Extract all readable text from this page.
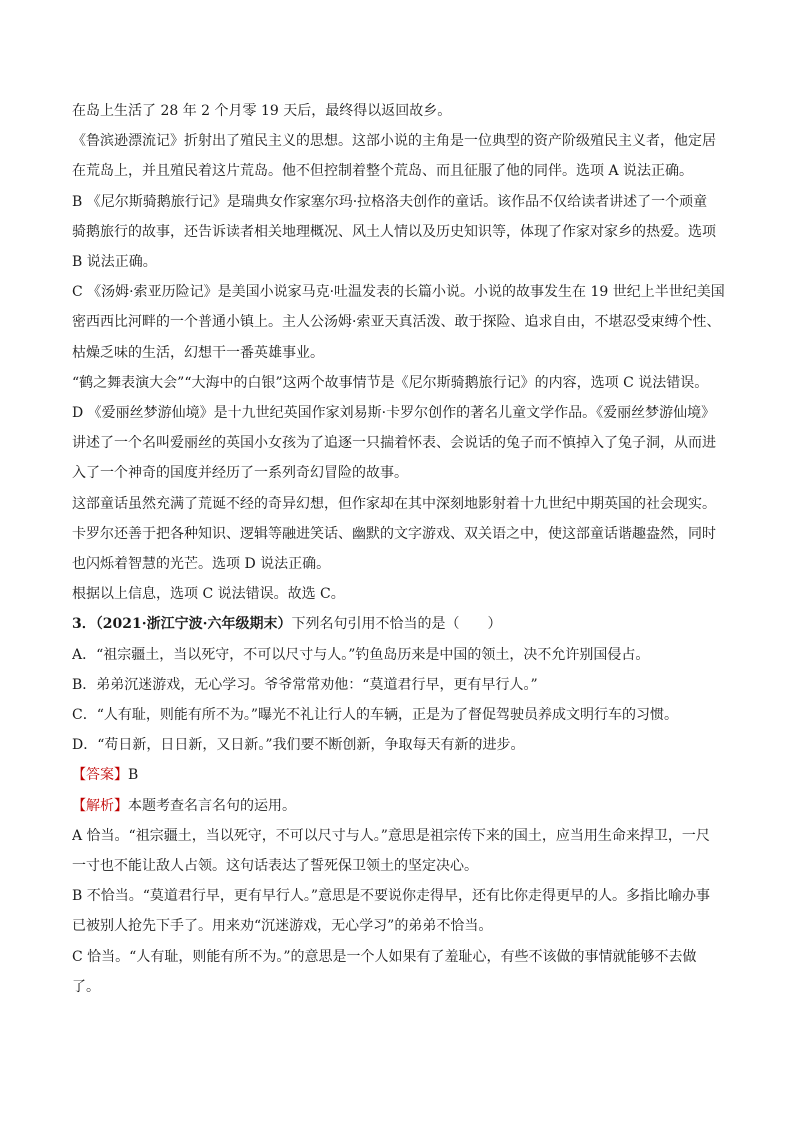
在岛上生活了 28 年 2 个月零 19 天后，最终得以返回故乡。
《鲁滨逊漂流记》折射出了殖民主义的思想。这部小说的主角是一位典型的资产阶级殖民主义者，他定居
在荒岛上，并且殖民着这片荒岛。他不但控制着整个荒岛、而且征服了他的同伴。选项 A 说法正确。
B 《尼尔斯骑鹅旅行记》是瑞典女作家塞尔玛·拉格洛夫创作的童话。该作品不仅给读者讲述了一个顽童
骑鹅旅行的故事，还告诉读者相关地理概况、风土人情以及历史知识等，体现了作家对家乡的热爱。选项
B 说法正确。
C 《汤姆·索亚历险记》是美国小说家马克·吐温发表的长篇小说。小说的故事发生在 19 世纪上半世纪美国
密西西比河畔的一个普通小镇上。主人公汤姆·索亚天真活泼、敢于探险、追求自由，不堪忍受束缚个性、
枯燥乏味的生活，幻想干一番英雄事业。
“鹤之舞表演大会”“大海中的白银”这两个故事情节是《尼尔斯骑鹅旅行记》的内容，选项 C 说法错误。
D 《爱丽丝梦游仙境》是十九世纪英国作家刘易斯·卡罗尔创作的著名儿童文学作品。《爱丽丝梦游仙境》
讲述了一个名叫爱丽丝的英国小女孩为了追逐一只揣着怀表、会说话的兔子而不慎掉入了兔子洞，从而进
入了一个神奇的国度并经历了一系列奇幻冒险的故事。
这部童话虽然充满了荒诞不经的奇异幻想，但作家却在其中深刻地影射着十九世纪中期英国的社会现实。
卡罗尔还善于把各种知识、逻辑等融进笑话、幽默的文字游戏、双关语之中，使这部童话谐趣盎然，同时
也闪烁着智慧的光芒。选项 D 说法正确。
根据以上信息，选项 C 说法错误。故选 C。
3．（2021·浙江宁波·六年级期末）下列名句引用不恰当的是（　　）
A．“祖宗疆土，当以死守，不可以尺寸与人。”钓鱼岛历来是中国的领土，决不允许别国侵占。
B．弟弟沉迷游戏，无心学习。爷爷常常劝他：“莫道君行早，更有早行人。”
C．“人有耻，则能有所不为。”曝光不礼让行人的车辆，正是为了督促驾驶员养成文明行车的习惯。
D．“苟日新，日日新，又日新。”我们要不断创新，争取每天有新的进步。
【答案】B
【解析】本题考查名言名句的运用。
A 恰当。“祖宗疆土，当以死守，不可以尺寸与人。”意思是祖宗传下来的国土，应当用生命来捍卫，一尺
一寸也不能让敌人占领。这句话表达了誓死保卫领土的坚定决心。
B 不恰当。“莫道君行早，更有早行人。”意思是不要说你走得早，还有比你走得更早的人。多指比喻办事
已被别人抢先下手了。用来劝“沉迷游戏，无心学习”的弟弟不恰当。
C 恰当。“人有耻，则能有所不为。”的意思是一个人如果有了羞耻心，有些不该做的事情就能够不去做
了。
